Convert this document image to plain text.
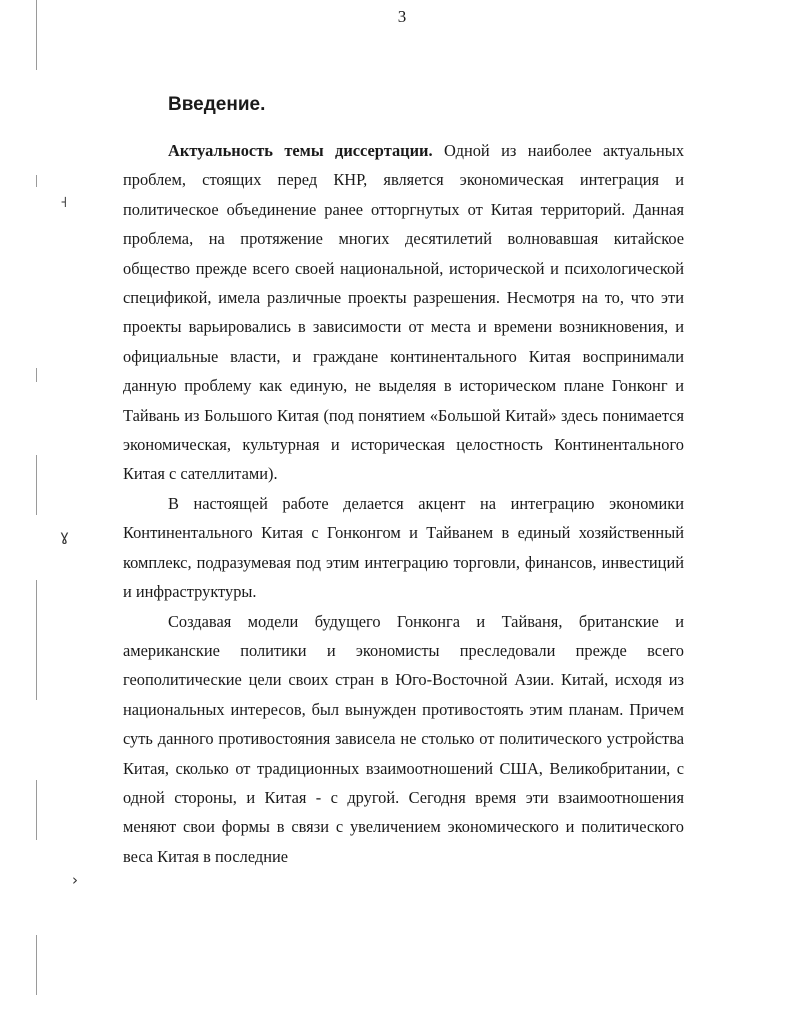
˧
ɣ
›
3
Введение.

Актуальность темы диссертации. Одной из наиболее актуальных проблем, стоящих перед КНР, является экономическая интеграция и политическое объединение ранее отторгнутых от Китая территорий. Данная проблема, на протяжение многих десятилетий волновавшая китайское общество прежде всего своей национальной, исторической и психологической спецификой, имела различные проекты разрешения. Несмотря на то, что эти проекты варьировались в зависимости от места и времени возникновения, и официальные власти, и граждане континентального Китая воспринимали данную проблему как единую, не выделяя в историческом плане Гонконг и Тайвань из Большого Китая (под понятием «Большой Китай» здесь понимается экономическая, культурная и историческая целостность Континентального Китая с сателлитами).

В настоящей работе делается акцент на интеграцию экономики Континентального Китая с Гонконгом и Тайванем в единый хозяйственный комплекс, подразумевая под этим интеграцию торговли, финансов, инвестиций и инфраструктуры.

Создавая модели будущего Гонконга и Тайваня, британские и американские политики и экономисты преследовали прежде всего геополитические цели своих стран в Юго-Восточной Азии. Китай, исходя из национальных интересов, был вынужден противостоять этим планам. Причем суть данного противостояния зависела не столько от политического устройства Китая, сколько от традиционных взаимоотношений США, Великобритании, с одной стороны, и Китая - с другой. Сегодня время эти взаимоотношения меняют свои формы в связи с увеличением экономического и политического веса Китая в последние
